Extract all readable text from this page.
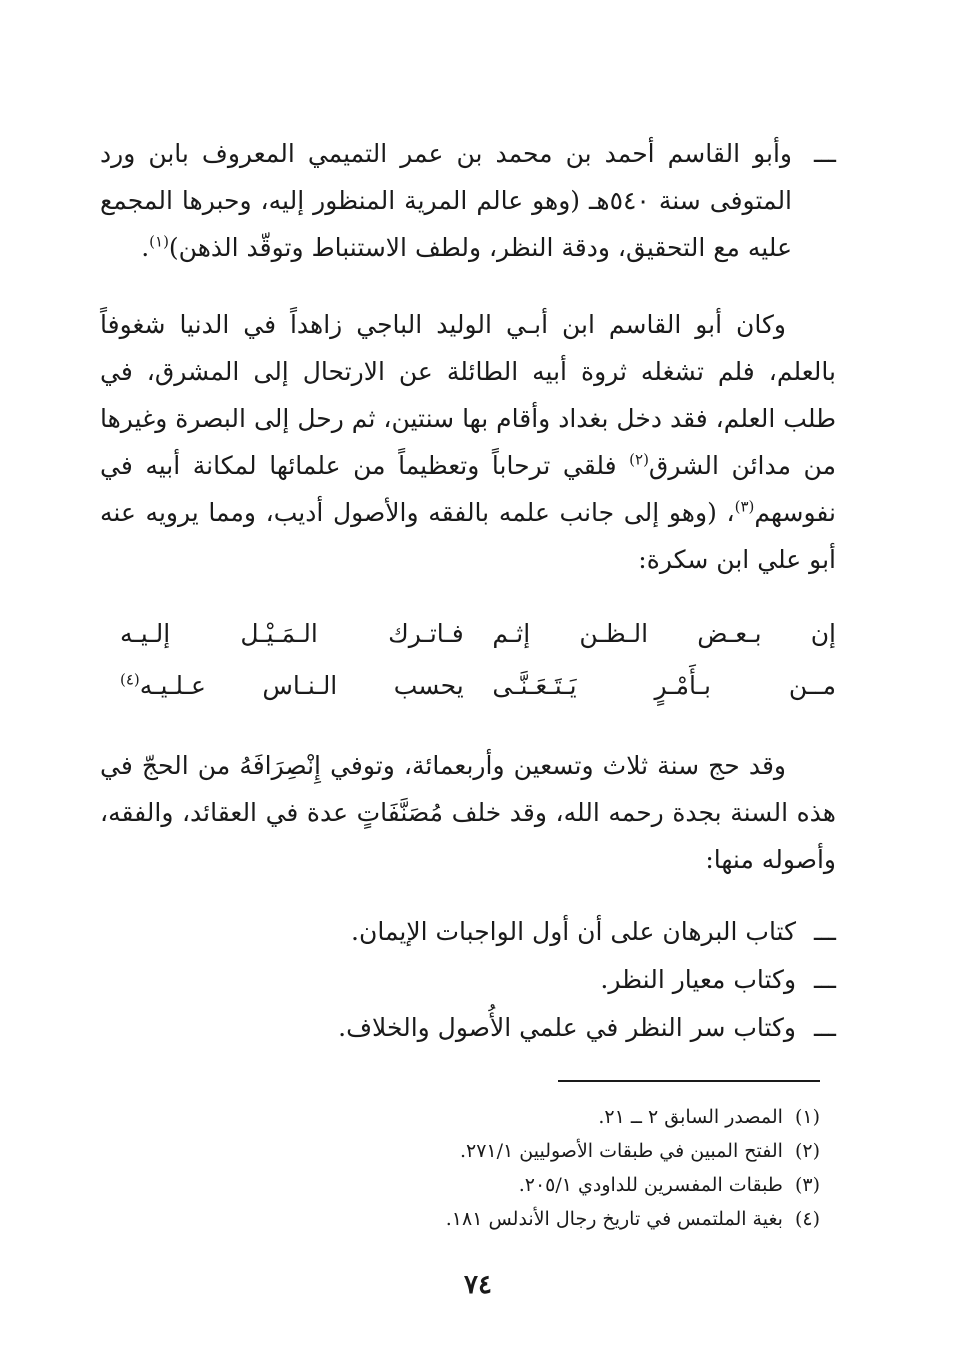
ـــ
وأبو القاسم أحمد بن محمد بن عمر التميمي المعروف بابن ورد المتوفى سنة ٥٤٠هـ (وهو عالم المرية المنظور إليه، وحبرها المجمع عليه مع التحقيق، ودقة النظر، ولطف الاستنباط وتوقّد الذهن)$^{(١)}$.

وكان أبو القاسم ابن أبـي الوليد الباجي زاهداً في الدنيا شغوفاً بالعلم، فلم تشغله ثروة أبيه الطائلة عن الارتحال إلى المشرق، في طلب العلم، فقد دخل بغداد وأقام بها سنتين، ثم رحل إلى البصرة وغيرها من مدائن الشرق$^{(٢)}$ فلقي ترحاباً وتعظيماً من علمائها لمكانة أبيه في نفوسهم$^{(٣)}$، (وهو إلى جانب علمه بالفقه والأصول أديب، ومما يرويه عنه أبو علي ابن سكرة:

إن بـعـض الـظـن إثـم
فـاتـرك الـمَـيْـل إلـيـه
مــن بـأَمْـرٍ يَـتَـعَـنَّـى
يحسب الـنـاس عـلـيـه$^{(٤)}$

وقد حج سنة ثلاث وتسعين وأربعمائة، وتوفي إِنْصِرَافَهُ من الحجّ في هذه السنة بجدة رحمه الله، وقد خلف مُصَنَّفَاتٍ عدة في العقائد، والفقه، وأصوله منها:

ـــ
كتاب البرهان على أن أول الواجبات الإيمان.
ـــ
وكتاب معيار النظر.
ـــ
وكتاب سر النظر في علمي الأُصول والخلاف.
(١)
المصدر السابق ٢ ــ ٢١.
(٢)
الفتح المبين في طبقات الأصوليين ٢٧١/١.
(٣)
طبقات المفسرين للداودي ٢٠٥/١.
(٤)
بغية الملتمس في تاريخ رجال الأندلس ١٨١.
٧٤
